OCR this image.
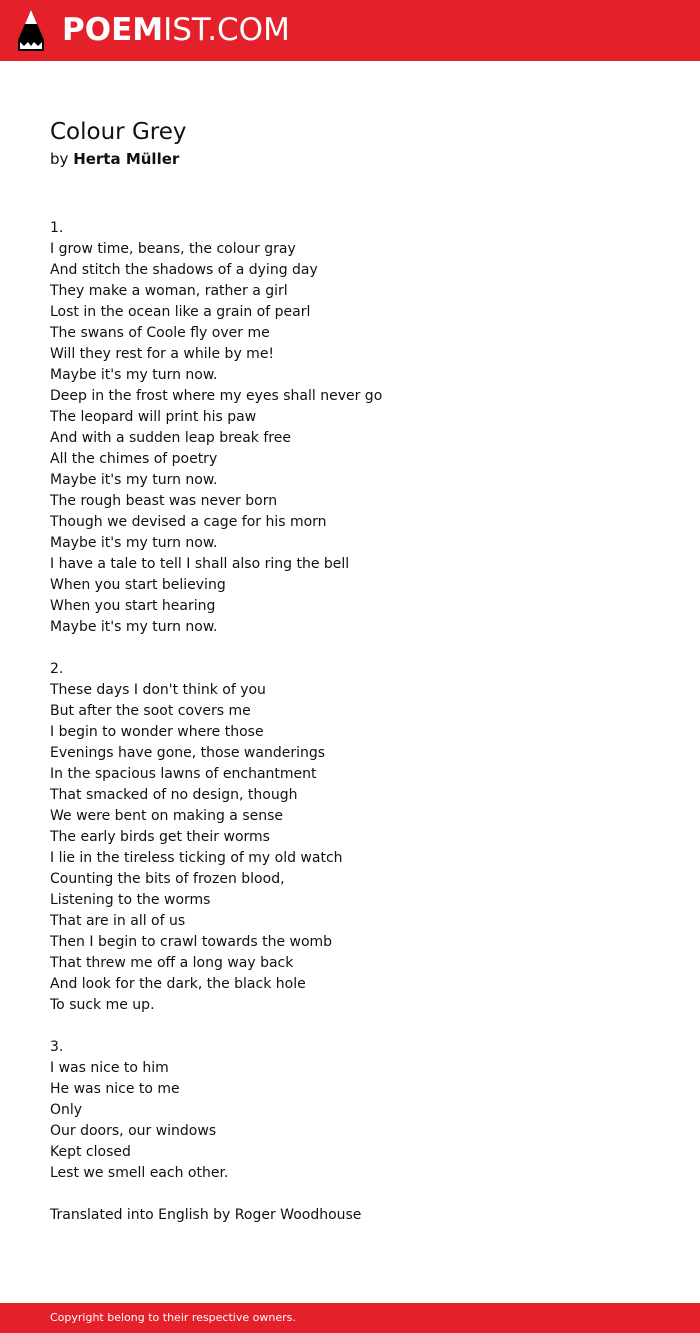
POEMIST.COM
Colour Grey
by Herta Müller
1.
I grow time, beans, the colour gray
And stitch the shadows of a dying day
They make a woman, rather a girl
Lost in the ocean like a grain of pearl
The swans of Coole fly over me
Will they rest for a while by me!
Maybe it's my turn now.
Deep in the frost where my eyes shall never go
The leopard will print his paw
And with a sudden leap break free
All the chimes of poetry
Maybe it's my turn now.
The rough beast was never born
Though we devised a cage for his morn
Maybe it's my turn now.
I have a tale to tell I shall also ring the bell
When you start believing
When you start hearing
Maybe it's my turn now.
2.
These days I don't think of you
But after the soot covers me
I begin to wonder where those
Evenings have gone, those wanderings
In the spacious lawns of enchantment
That smacked of no design, though
We were bent on making a sense
The early birds get their worms
I lie in the tireless ticking of my old watch
Counting the bits of frozen blood,
Listening to the worms
That are in all of us
Then I begin to crawl towards the womb
That threw me off a long way back
And look for the dark, the black hole
To suck me up.
3.
I was nice to him
He was nice to me
Only
Our doors, our windows
Kept closed
Lest we smell each other.
Translated into English by Roger Woodhouse
Copyright belong to their respective owners.
